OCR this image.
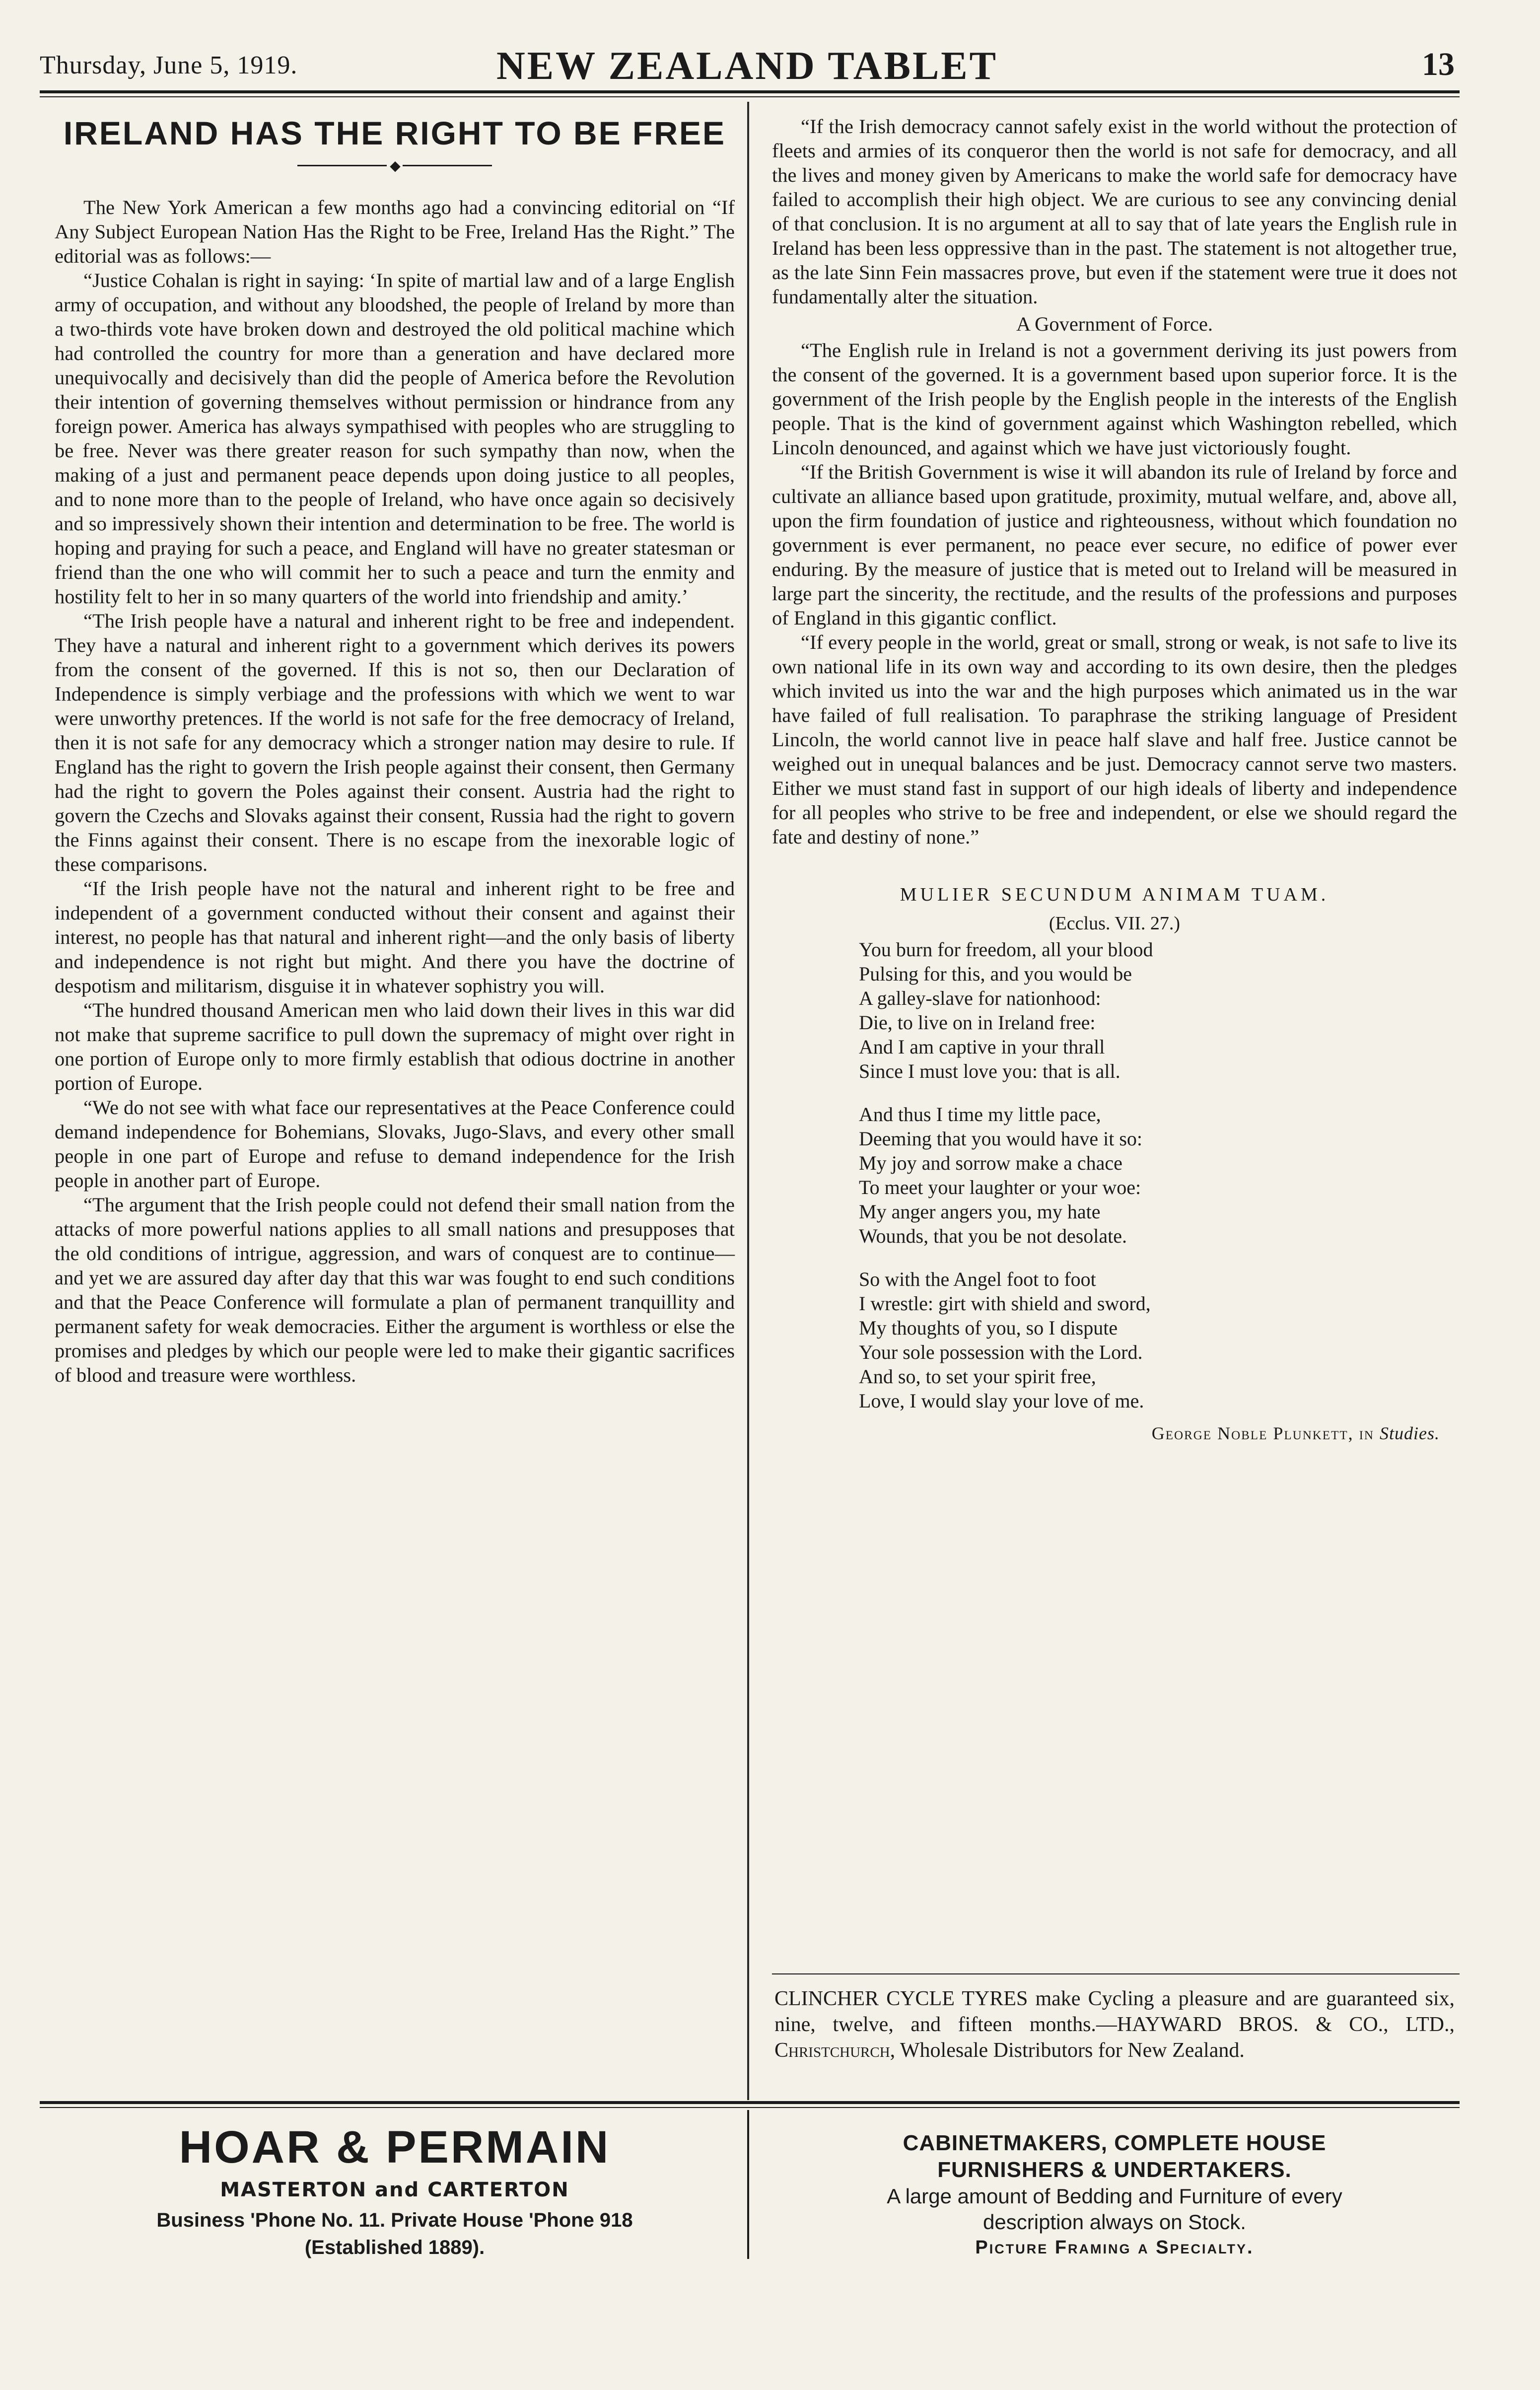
Thursday, June 5, 1919.	NEW ZEALAND TABLET	13
IRELAND HAS THE RIGHT TO BE FREE
◆

The New York American a few months ago had a convincing editorial on “If Any Subject European Nation Has the Right to be Free, Ireland Has the Right.” The editorial was as follows:—

“Justice Cohalan is right in saying: ‘In spite of martial law and of a large English army of occupation, and without any bloodshed, the people of Ireland by more than a two-thirds vote have broken down and destroyed the old political machine which had controlled the country for more than a generation and have declared more unequivocally and decisively than did the people of America before the Revolution their intention of governing themselves without permission or hindrance from any foreign power. America has always sympathised with peoples who are struggling to be free. Never was there greater reason for such sympathy than now, when the making of a just and permanent peace depends upon doing justice to all peoples, and to none more than to the people of Ireland, who have once again so decisively and so impressively shown their intention and determination to be free. The world is hoping and praying for such a peace, and England will have no greater statesman or friend than the one who will commit her to such a peace and turn the enmity and hostility felt to her in so many quarters of the world into friendship and amity.’

“The Irish people have a natural and inherent right to be free and independent. They have a natural and inherent right to a government which derives its powers from the consent of the governed. If this is not so, then our Declaration of Independence is simply verbiage and the professions with which we went to war were unworthy pretences. If the world is not safe for the free democracy of Ireland, then it is not safe for any democracy which a stronger nation may desire to rule. If England has the right to govern the Irish people against their consent, then Germany had the right to govern the Poles against their consent. Austria had the right to govern the Czechs and Slovaks against their consent, Russia had the right to govern the Finns against their consent. There is no escape from the inexorable logic of these comparisons.

“If the Irish people have not the natural and inherent right to be free and independent of a government conducted without their consent and against their interest, no people has that natural and inherent right—and the only basis of liberty and independence is not right but might. And there you have the doctrine of despotism and militarism, disguise it in whatever sophistry you will.

“The hundred thousand American men who laid down their lives in this war did not make that supreme sacrifice to pull down the supremacy of might over right in one portion of Europe only to more firmly establish that odious doctrine in another portion of Europe.

“We do not see with what face our representatives at the Peace Conference could demand independence for Bohemians, Slovaks, Jugo-Slavs, and every other small people in one part of Europe and refuse to demand independence for the Irish people in another part of Europe.

“The argument that the Irish people could not defend their small nation from the attacks of more powerful nations applies to all small nations and presupposes that the old conditions of intrigue, aggression, and wars of conquest are to continue—and yet we are assured day after day that this war was fought to end such conditions and that the Peace Conference will formulate a plan of permanent tranquillity and permanent safety for weak democracies. Either the argument is worthless or else the promises and pledges by which our people were led to make their gigantic sacrifices of blood and treasure were worthless.

“If the Irish democracy cannot safely exist in the world without the protection of fleets and armies of its conqueror then the world is not safe for democracy, and all the lives and money given by Americans to make the world safe for democracy have failed to accomplish their high object. We are curious to see any convincing denial of that conclusion. It is no argument at all to say that of late years the English rule in Ireland has been less oppressive than in the past. The statement is not altogether true, as the late Sinn Fein massacres prove, but even if the statement were true it does not fundamentally alter the situation.

A Government of Force.

“The English rule in Ireland is not a government deriving its just powers from the consent of the governed. It is a government based upon superior force. It is the government of the Irish people by the English people in the interests of the English people. That is the kind of government against which Washington rebelled, which Lincoln denounced, and against which we have just victoriously fought.

“If the British Government is wise it will abandon its rule of Ireland by force and cultivate an alliance based upon gratitude, proximity, mutual welfare, and, above all, upon the firm foundation of justice and righteousness, without which foundation no government is ever permanent, no peace ever secure, no edifice of power ever enduring. By the measure of justice that is meted out to Ireland will be measured in large part the sincerity, the rectitude, and the results of the professions and purposes of England in this gigantic conflict.

“If every people in the world, great or small, strong or weak, is not safe to live its own national life in its own way and according to its own desire, then the pledges which invited us into the war and the high purposes which animated us in the war have failed of full realisation. To paraphrase the striking language of President Lincoln, the world cannot live in peace half slave and half free. Justice cannot be weighed out in unequal balances and be just. Democracy cannot serve two masters. Either we must stand fast in support of our high ideals of liberty and independence for all peoples who strive to be free and independent, or else we should regard the fate and destiny of none.”

MULIER SECUNDUM ANIMAM TUAM.
(Ecclus. VII. 27.)
You burn for freedom, all your blood
Pulsing for this, and you would be
A galley-slave for nationhood:
Die, to live on in Ireland free:
And I am captive in your thrall
Since I must love you: that is all.
And thus I time my little pace,
Deeming that you would have it so:
My joy and sorrow make a chace
To meet your laughter or your woe:
My anger angers you, my hate
Wounds, that you be not desolate.
So with the Angel foot to foot
I wrestle: girt with shield and sword,
My thoughts of you, so I dispute
Your sole possession with the Lord.
And so, to set your spirit free,
Love, I would slay your love of me.
George Noble Plunkett, in Studies.
CLINCHER CYCLE TYRES make Cycling a pleasure and are guaranteed six, nine, twelve, and fifteen months.—HAYWARD BROS. & CO., LTD., Christchurch, Wholesale Distributors for New Zealand.
HOAR & PERMAIN
MASTERTON and CARTERTON
Business 'Phone No. 11. Private House 'Phone 918
(Established 1889).
CABINETMAKERS, COMPLETE HOUSE
FURNISHERS & UNDERTAKERS.
A large amount of Bedding and Furniture of every
description always on Stock.
Picture Framing a Specialty.
